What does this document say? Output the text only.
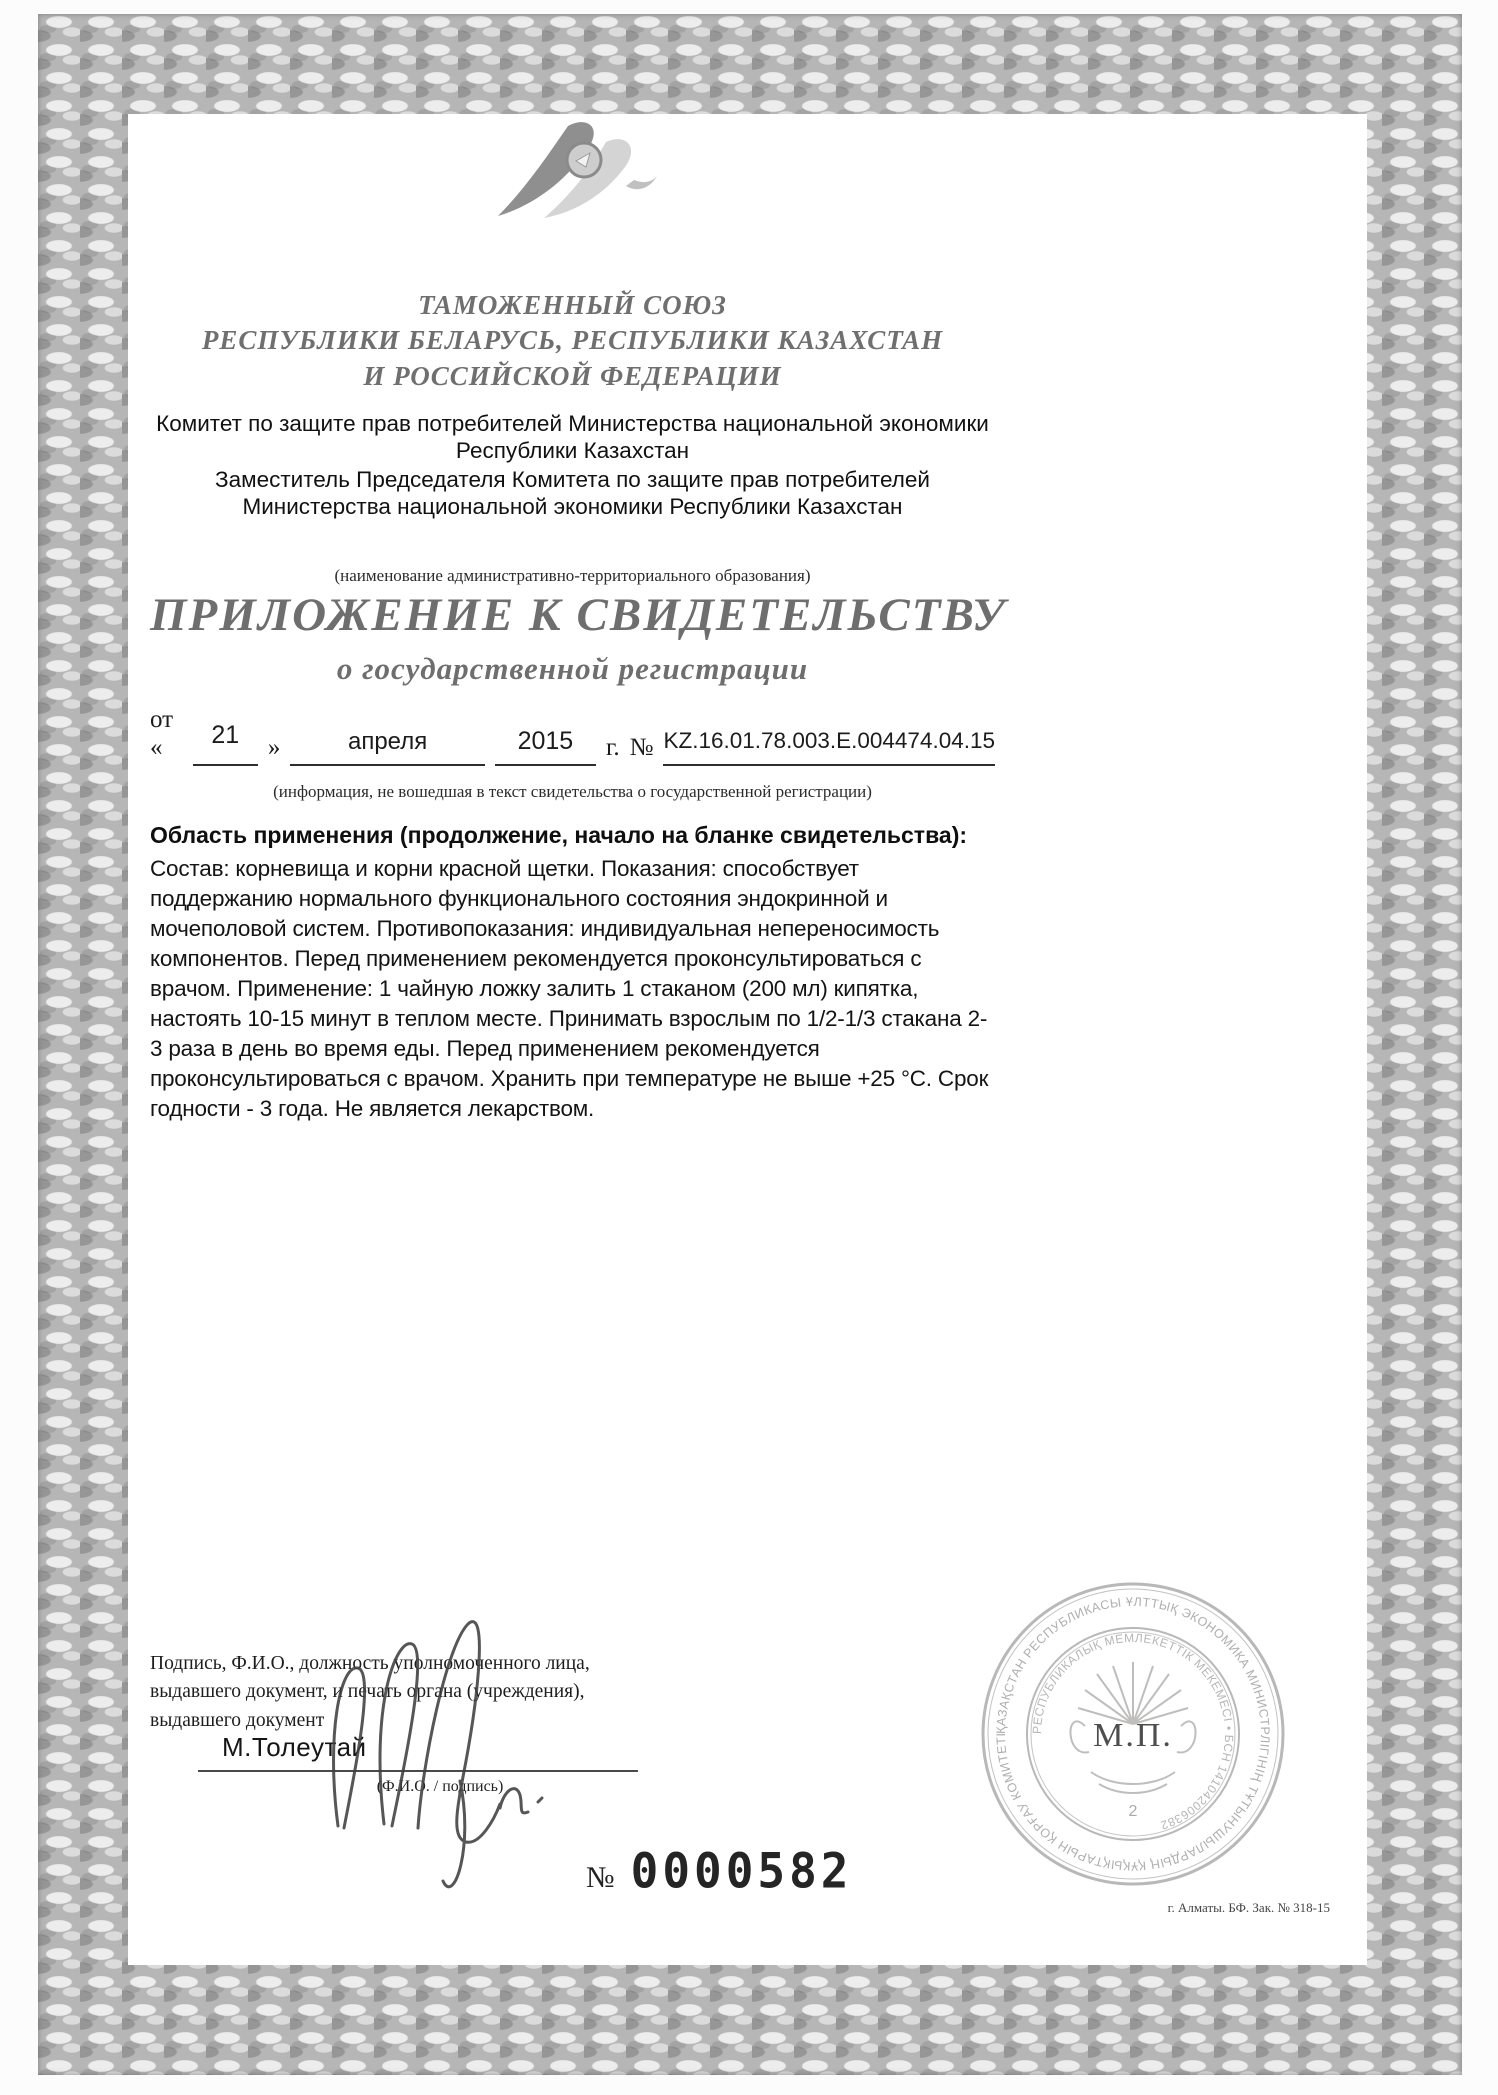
ТАМОЖЕННЫЙ СОЮЗ
РЕСПУБЛИКИ БЕЛАРУСЬ, РЕСПУБЛИКИ КАЗАХСТАН
И РОССИЙСКОЙ ФЕДЕРАЦИИ
Комитет по защите прав потребителей Министерства национальной экономики Республики Казахстан
Заместитель Председателя Комитета по защите прав потребителей Министерства национальной экономики Республики Казахстан
(наименование административно-территориального образования)
ПРИЛОЖЕНИЕ К СВИДЕТЕЛЬСТВУ
о государственной регистрации
от «	21	»	апреля	2015	г. № KZ.16.01.78.003.E.004474.04.15
(информация, не вошедшая в текст свидетельства о государственной регистрации)
Область применения (продолжение, начало на бланке свидетельства):
Состав: корневища и корни красной щетки. Показания: способствует поддержанию нормального функционального состояния эндокринной и мочеполовой систем. Противопоказания: индивидуальная непереносимость компонентов. Перед применением рекомендуется проконсультироваться с врачом. Применение: 1 чайную ложку залить 1 стаканом (200 мл) кипятка, настоять 10-15 минут в теплом месте. Принимать взрослым по 1/2-1/3 стакана 2-3 раза в день во время еды. Перед применением рекомендуется проконсультироваться с врачом. Хранить при температуре не выше +25 °C. Срок годности - 3 года. Не является лекарством.
Подпись, Ф.И.О., должность уполномоченного лица, выдавшего документ, и печать органа (учреждения), выдавшего документ
М.Толеутай
(Ф.И.О. / подпись)
№ 0000582
ҚАЗАҚСТАН РЕСПУБЛИКАСЫ ҰЛТТЫҚ ЭКОНОМИКА МИНИСТРЛІГІНІҢ ТҰТЫНУШЫЛАРДЫҢ ҚҰҚЫҚТАРЫН ҚОРҒАУ КОМИТЕТІ
РЕСПУБЛИКАЛЫҚ МЕМЛЕКЕТТІК МЕКЕМЕСІ • БСН 141042006382
М.П.
2
г. Алматы. БФ. Зак. № 318-15
